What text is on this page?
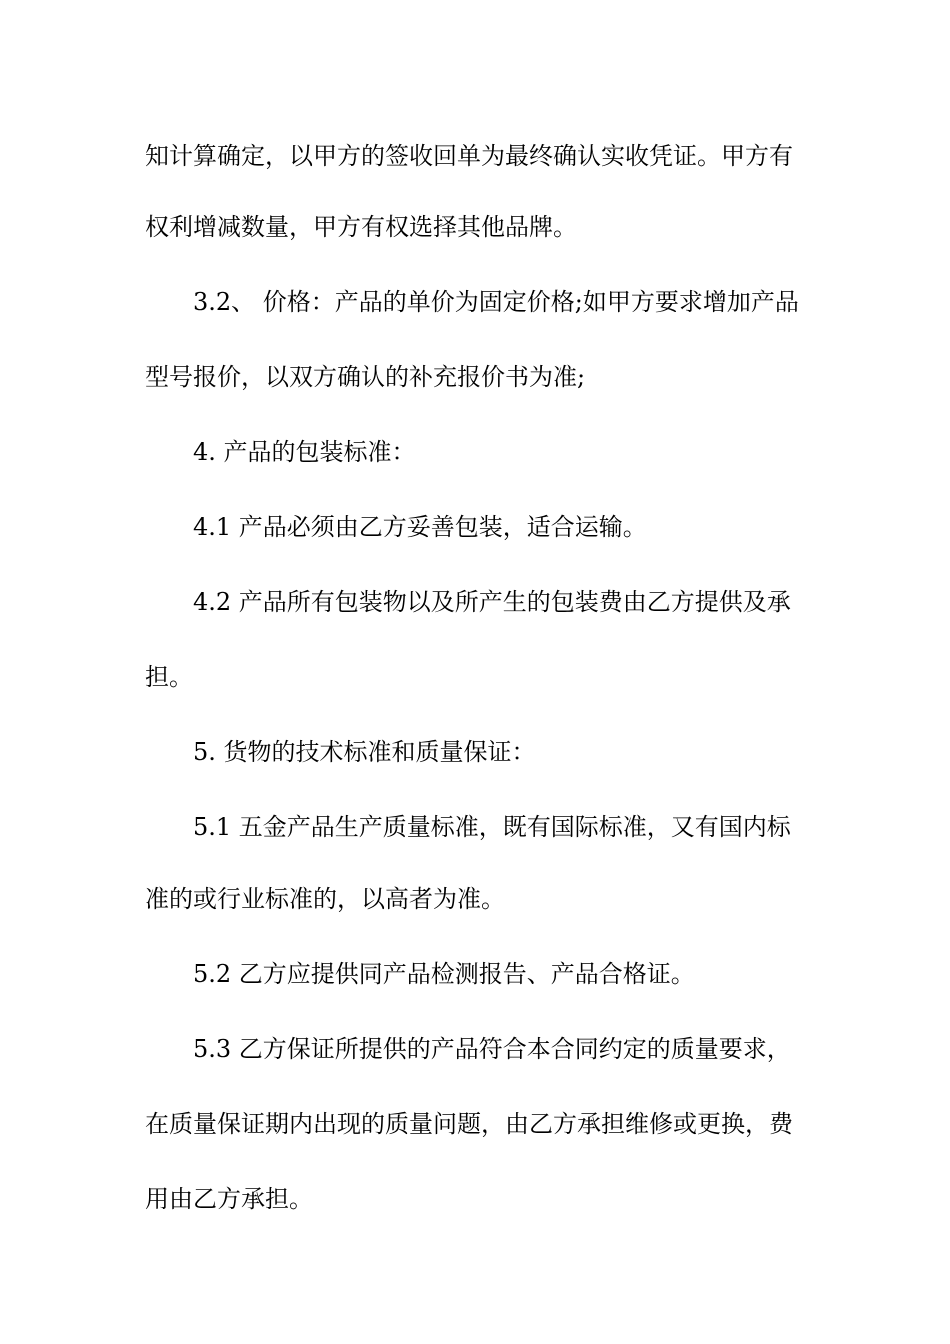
知计算确定，以甲方的签收回单为最终确认实收凭证。甲方有
权利增减数量，甲方有权选择其他品牌。
3.2、 价格：产品的单价为固定价格;如甲方要求增加产品
型号报价，以双方确认的补充报价书为准;
4. 产品的包装标准：
4.1 产品必须由乙方妥善包装，适合运输。
4.2 产品所有包装物以及所产生的包装费由乙方提供及承
担。
5. 货物的技术标准和质量保证：
5.1 五金产品生产质量标准，既有国际标准，又有国内标
准的或行业标准的，以高者为准。
5.2 乙方应提供同产品检测报告、产品合格证。
5.3 乙方保证所提供的产品符合本合同约定的质量要求，
在质量保证期内出现的质量问题，由乙方承担维修或更换，费
用由乙方承担。
